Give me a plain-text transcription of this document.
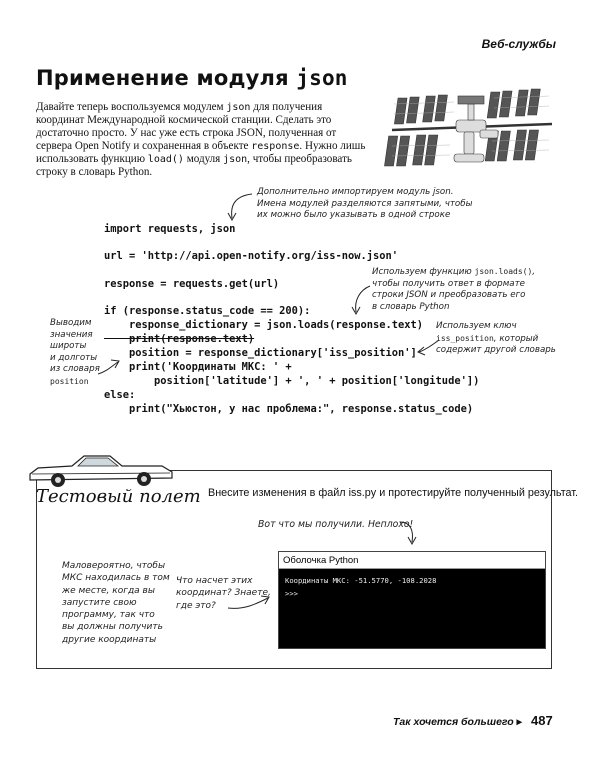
Веб-службы
Применение модуля json
Давайте теперь воспользуемся модулем json для получения координат Международной космической станции. Сделать это достаточно просто. У нас уже есть строка JSON, полученная от сервера Open Notify и сохраненная в объекте response. Нужно лишь использовать функцию load() модуля json, чтобы преобразовать строку в словарь Python.
Дополнительно импортируем модуль json.
Имена модулей разделяются запятыми, чтобы
их можно было указывать в одной строке
import requests, json
url = 'http://api.open-notify.org/iss-now.json'
response = requests.get(url)
if (response.status_code == 200):
response_dictionary = json.loads(response.text)
print(response.text)
position = response_dictionary['iss_position']
print('Координаты МКС: ' +
position['latitude'] + ', ' + position['longitude'])
else:
print("Хьюстон, у нас проблема:", response.status_code)
Используем функцию json.loads(),
чтобы получить ответ в формате
строки JSON и преобразовать его
в словарь Python
Используем ключ
iss_position, который
содержит другой словарь
Выводим
значения
широты
и долготы
из словаря
position
Тестовый полет Внесите изменения в файл iss.py и протестируйте полученный результат.
Вот что мы получили. Неплохо!
Маловероятно, чтобы
МКС находилась в том
же месте, когда вы
запустите свою
программу, так что
вы должны получить
другие координаты
Что насчет этих
координат? Знаете,
где это?
Оболочка Python
Координаты МКС: -51.5770, -108.2028
>>>
Так хочется большего ▸ 487
